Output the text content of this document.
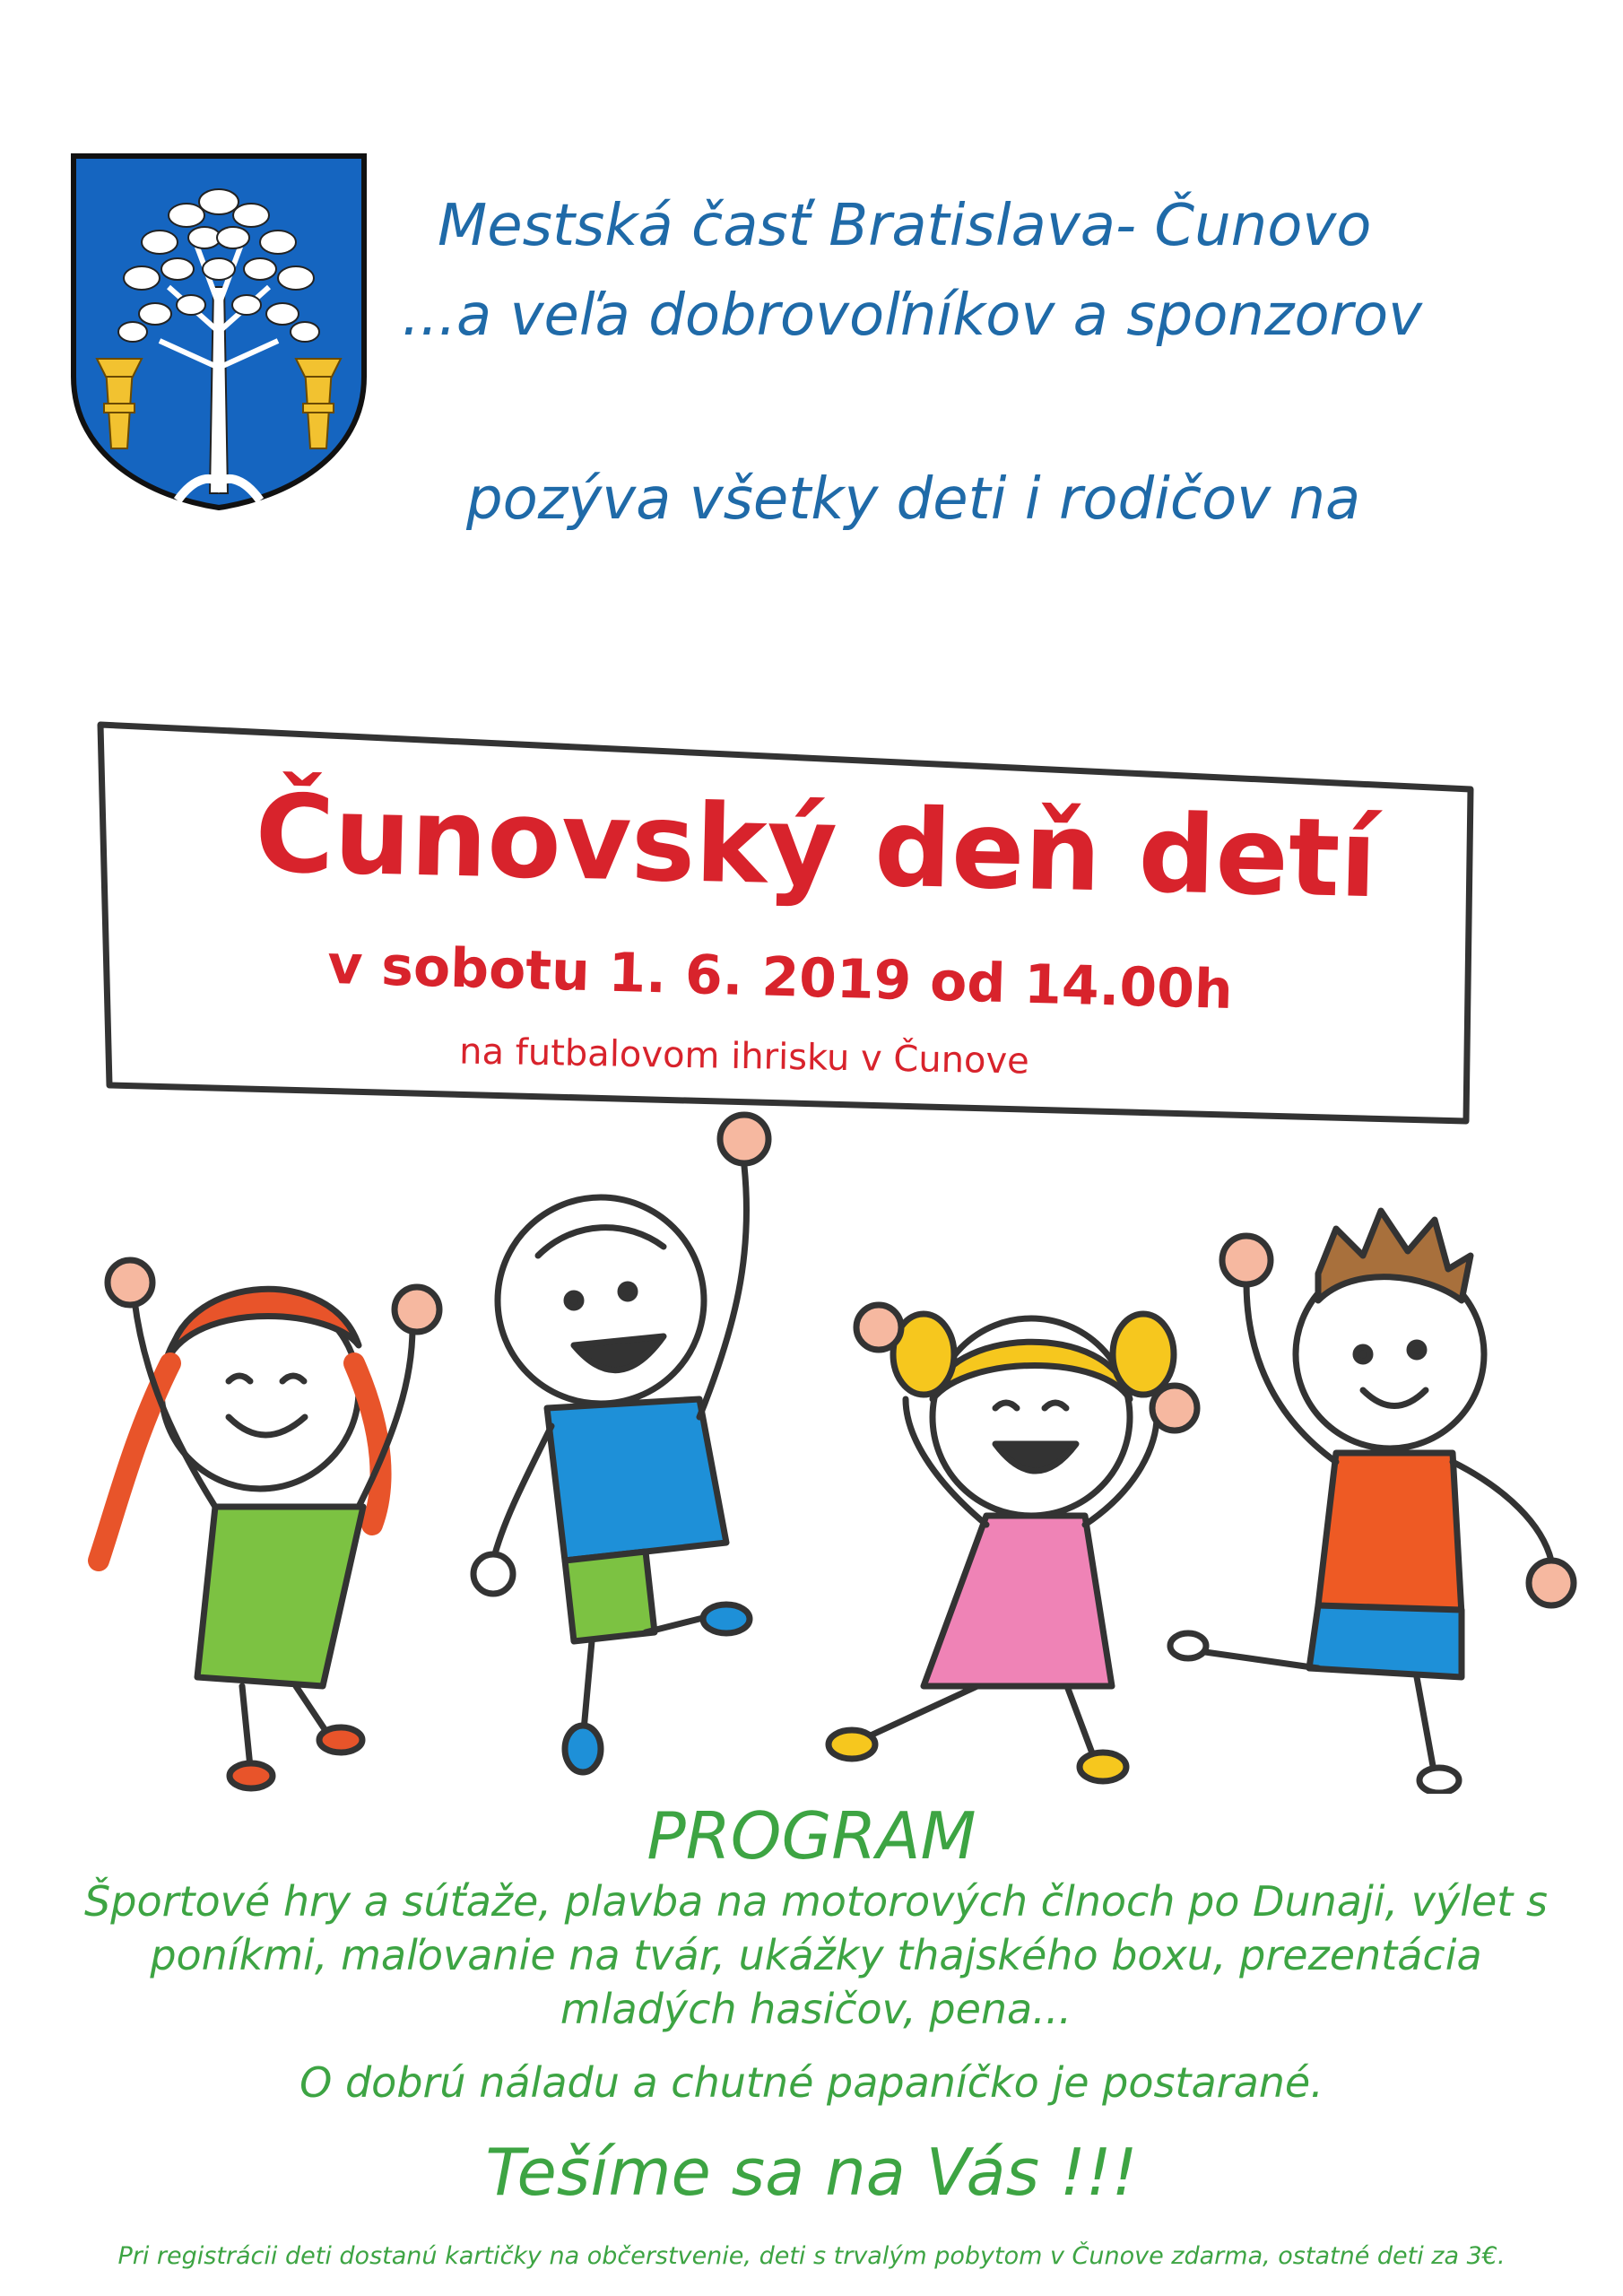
Mestská časť Bratislava- Čunovo
...a veľa dobrovoľníkov a sponzorov
pozýva všetky deti i rodičov na
Čunovský deň detí
v sobotu 1. 6. 2019 od 14.00h
na futbalovom ihrisku v Čunove
PROGRAM
Športové hry a súťaže, plavba na motorových člnoch po Dunaji, výlet s poníkmi, maľovanie na tvár, ukážky thajského boxu, prezentácia mladých hasičov, pena...
O dobrú náladu a chutné papaníčko je postarané.
Tešíme sa na Vás !!!
Pri registrácii deti dostanú kartičky na občerstvenie, deti s trvalým pobytom v Čunove zdarma, ostatné deti za 3€.
